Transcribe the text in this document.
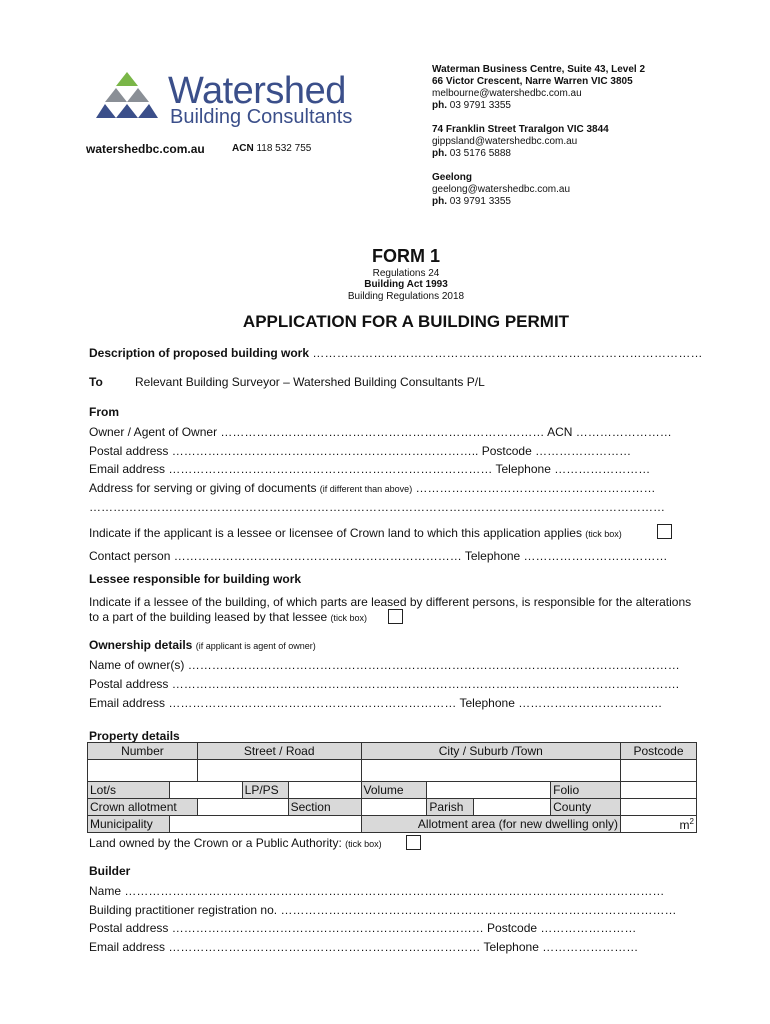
Watershed
Building Consultants
watershedbc.com.au	ACN 118 532 755
Waterman Business Centre, Suite 43, Level 2
66 Victor Crescent, Narre Warren VIC 3805
melbourne@watershedbc.com.au
ph. 03 9791 3355
74 Franklin Street Traralgon VIC 3844
gippsland@watershedbc.com.au
ph. 03 5176 5888
Geelong
geelong@watershedbc.com.au
ph. 03 9791 3355
FORM 1
Regulations 24
Building Act 1993
Building Regulations 2018
APPLICATION FOR A BUILDING PERMIT
Description of proposed building work ……………………………………………………………………………………
To	Relevant Building Surveyor – Watershed Building Consultants P/L
From
Owner / Agent of Owner ……………………………………………………………………… ACN ……………………
Postal address ………………………………………………………………….. Postcode ……………………
Email address ……………………………………………………………………… Telephone ……………………
Address for serving or giving of documents (if different than above) ……………………………………………………
………………………………………………………………………………………………………………………………
Indicate if the applicant is a lessee or licensee of Crown land to which this application applies (tick box)
Contact person ……………………………………………………………… Telephone ………………………………
Lessee responsible for building work
Indicate if a lessee of the building, of which parts are leased by different persons, is responsible for the alterations
to a part of the building leased by that lessee (tick box)
Ownership details (if applicant is agent of owner)
Name of owner(s) ……………………………………………………………………………………………………………
Postal address ……………………………………………………………………………………………………………….
Email address ……………………………………………………………… Telephone ………………………………
Property details
Number		Street / Road			City / Suburb /Town				Postcode

Lot/s			LP/PS		Volume			Folio	
Crown allotment				Section		Parish		County	
Municipality					Allotment area (for new dwelling only)				$m^2$
Land owned by the Crown or a Public Authority: (tick box)
Builder
Name ………………………………………………………………………………………………………………………
Building practitioner registration no. ………………………………………………………………………………………
Postal address …………………………………………………………………… Postcode ……………………
Email address …………………………………………………………………… Telephone ……………………
